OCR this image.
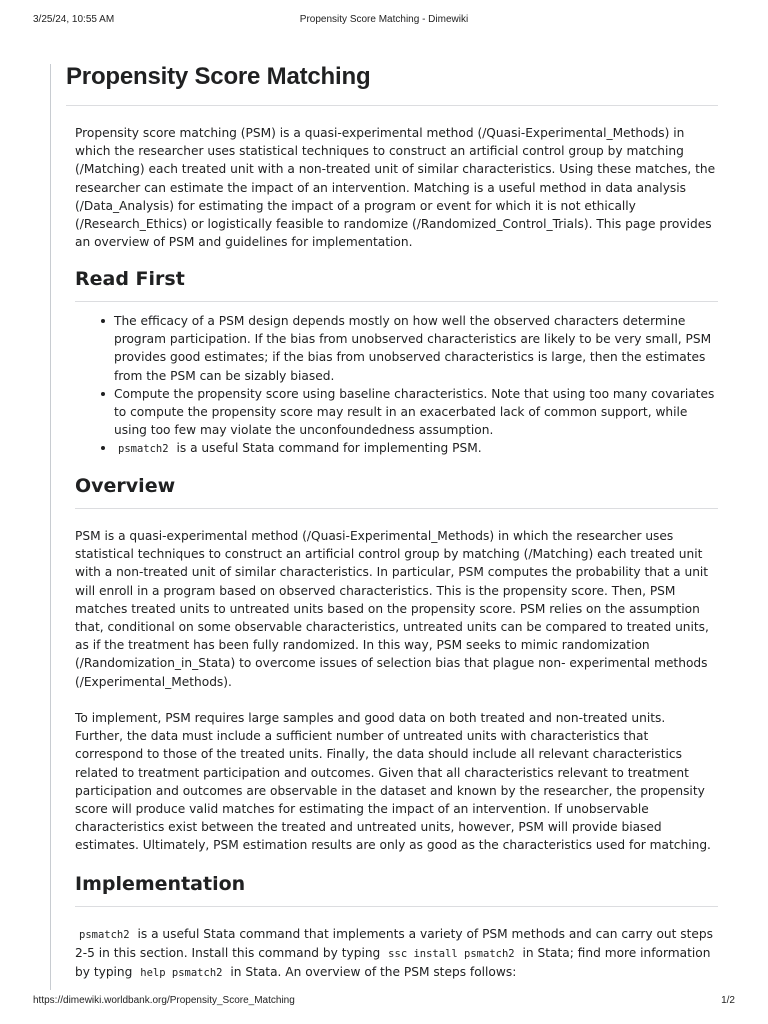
3/25/24, 10:55 AM	Propensity Score Matching - Dimewiki
Propensity Score Matching

Propensity score matching (PSM) is a quasi-experimental method (/Quasi-Experimental_Methods) in which the researcher uses statistical techniques to construct an artificial control group by matching (/Matching) each treated unit with a non-treated unit of similar characteristics. Using these matches, the researcher can estimate the impact of an intervention. Matching is a useful method in data analysis (/Data_Analysis) for estimating the impact of a program or event for which it is not ethically (/Research_Ethics) or logistically feasible to randomize (/Randomized_Control_Trials). This page provides an overview of PSM and guidelines for implementation.

Read First
The efficacy of a PSM design depends mostly on how well the observed characters determine program participation. If the bias from unobserved characteristics are likely to be very small, PSM provides good estimates; if the bias from unobserved characteristics is large, then the estimates from the PSM can be sizably biased.
Compute the propensity score using baseline characteristics. Note that using too many covariates to compute the propensity score may result in an exacerbated lack of common support, while using too few may violate the unconfoundedness assumption.
psmatch2 is a useful Stata command for implementing PSM.
Overview

PSM is a quasi-experimental method (/Quasi-Experimental_Methods) in which the researcher uses statistical techniques to construct an artificial control group by matching (/Matching) each treated unit with a non-treated unit of similar characteristics. In particular, PSM computes the probability that a unit will enroll in a program based on observed characteristics. This is the propensity score. Then, PSM matches treated units to untreated units based on the propensity score. PSM relies on the assumption that, conditional on some observable characteristics, untreated units can be compared to treated units, as if the treatment has been fully randomized. In this way, PSM seeks to mimic randomization (/Randomization_in_Stata) to overcome issues of selection bias that plague non- experimental methods (/Experimental_Methods).

To implement, PSM requires large samples and good data on both treated and non-treated units. Further, the data must include a sufficient number of untreated units with characteristics that correspond to those of the treated units. Finally, the data should include all relevant characteristics related to treatment participation and outcomes. Given that all characteristics relevant to treatment participation and outcomes are observable in the dataset and known by the researcher, the propensity score will produce valid matches for estimating the impact of an intervention. If unobservable characteristics exist between the treated and untreated units, however, PSM will provide biased estimates. Ultimately, PSM estimation results are only as good as the characteristics used for matching.

Implementation

psmatch2 is a useful Stata command that implements a variety of PSM methods and can carry out steps 2-5 in this section. Install this command by typing ssc install psmatch2 in Stata; find more information by typing help psmatch2 in Stata. An overview of the PSM steps follows:

https://dimewiki.worldbank.org/Propensity_Score_Matching	1/2
